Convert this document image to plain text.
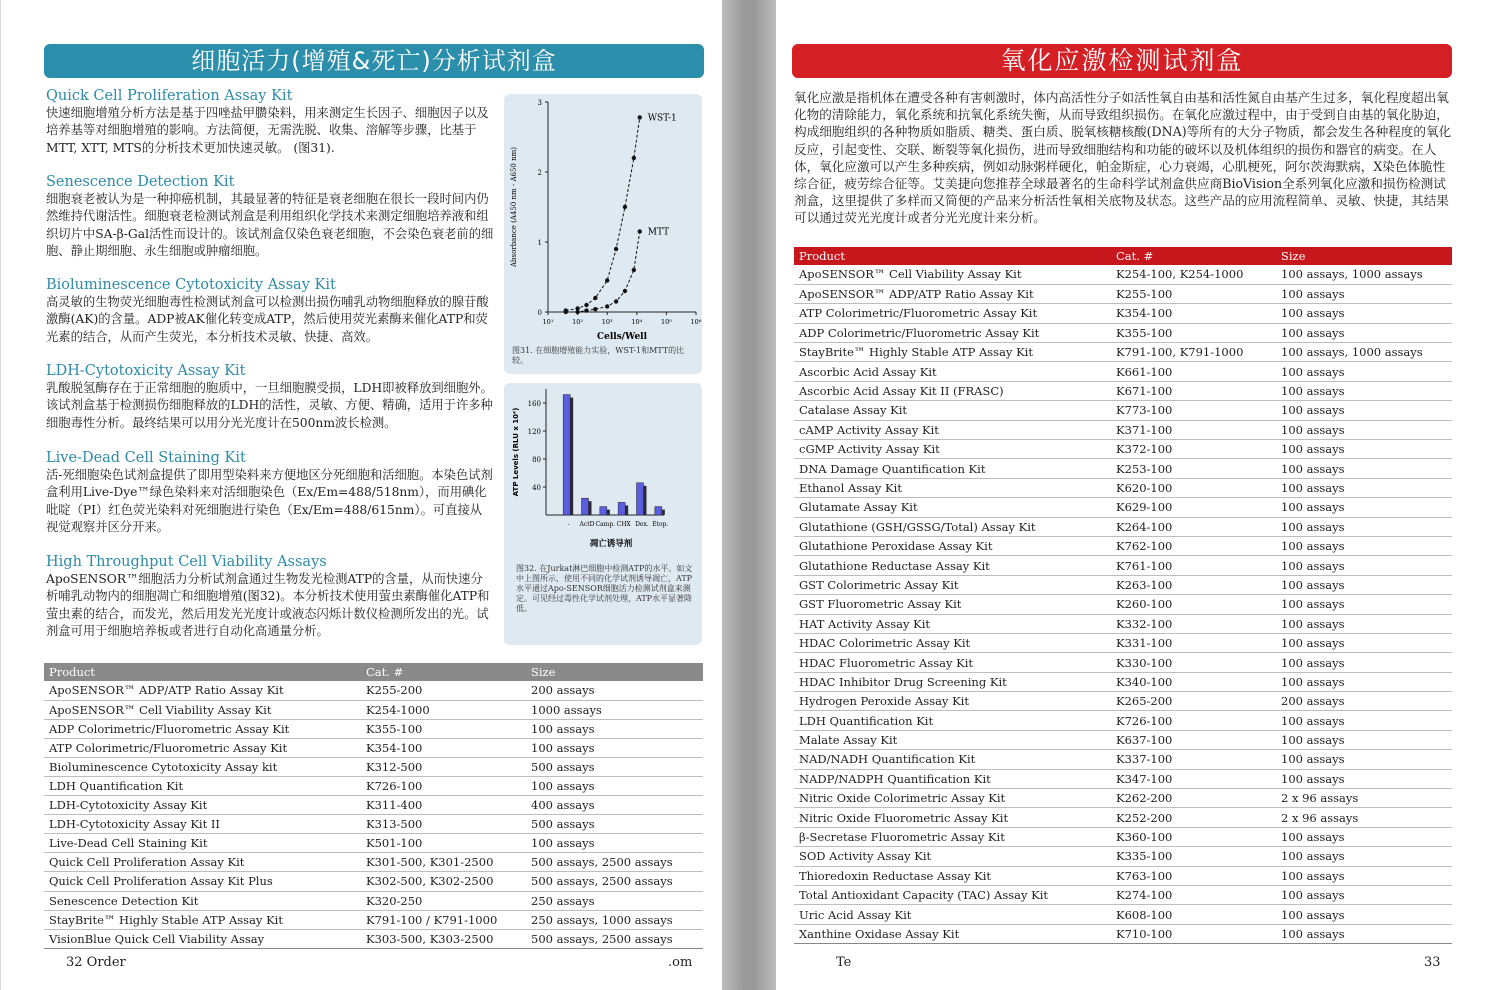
细胞活力(增殖&死亡)分析试剂盒
Quick Cell Proliferation Assay Kit
快速细胞增殖分析方法是基于四唑盐甲臜染料，用来测定生长因子、细胞因子以及培养基等对细胞增殖的影响。方法简便，无需洗脱、收集、溶解等步骤，比基于MTT, XTT, MTS的分析技术更加快速灵敏。 (图31).
Senescence Detection Kit
细胞衰老被认为是一种抑癌机制，其最显著的特征是衰老细胞在很长一段时间内仍然维持代谢活性。细胞衰老检测试剂盒是利用组织化学技术来测定细胞培养液和组织切片中SA-β-Gal活性而设计的。该试剂盒仅染色衰老细胞，不会染色衰老前的细胞、静止期细胞、永生细胞或肿瘤细胞。
Bioluminescence Cytotoxicity Assay Kit
高灵敏的生物荧光细胞毒性检测试剂盒可以检测出损伤哺乳动物细胞释放的腺苷酸激酶(AK)的含量。ADP被AK催化转变成ATP，然后使用荧光素酶来催化ATP和荧光素的结合，从而产生荧光，本分析技术灵敏、快捷、高效。
LDH-Cytotoxicity Assay Kit
乳酸脱氢酶存在于正常细胞的胞质中，一旦细胞膜受损，LDH即被释放到细胞外。该试剂盒基于检测损伤细胞释放的LDH的活性，灵敏、方便、精确，适用于许多种细胞毒性分析。最终结果可以用分光光度计在500nm波长检测。
Live-Dead Cell Staining Kit
活-死细胞染色试剂盒提供了即用型染料来方便地区分死细胞和活细胞。本染色试剂盒利用Live-Dye™绿色染料来对活细胞染色（Ex/Em=488/518nm），而用碘化吡啶（PI）红色荧光染料对死细胞进行染色（Ex/Em=488/615nm）。可直接从视觉观察并区分开来。
High Throughput Cell Viability Assays
ApoSENSOR™细胞活力分析试剂盒通过生物发光检测ATP的含量，从而快速分析哺乳动物内的细胞凋亡和细胞增殖(图32)。本分析技术使用萤虫素酶催化ATP和萤虫素的结合，而发光，然后用发光光度计或液态闪烁计数仪检测所发出的光。试剂盒可用于细胞培养板或者进行自动化高通量分析。
0
1
2
3
10¹	10²	10³	10⁴	10⁵	10⁶
Cells/Well
Absorbance (A450 nm - A650 nm)
WST-1
MTT
图31. 在细胞增殖能力实验，WST-1和MTT的比较。
40
80
120
160
- ActD Camp. CHX Dex. Etop.
凋亡诱导剂
ATP Levels (RLU x 10⁴)
图32. 在Jurkat淋巴细胞中检测ATP的水平。如文中上图所示，使用不同的化学试剂诱导凋亡，ATP水平通过Apo-SENSOR细胞活力检测试剂盒来测定。可见经过毒性化学试剂处理，ATP水平显著降低。
Product	Cat. #	Size
ApoSENSOR™ ADP/ATP Ratio Assay Kit	K255-200	200 assays
ApoSENSOR™ Cell Viability Assay Kit	K254-1000	1000 assays
ADP Colorimetric/Fluorometric Assay Kit	K355-100	100 assays
ATP Colorimetric/Fluorometric Assay Kit	K354-100	100 assays
Bioluminescence Cytotoxicity Assay kit	K312-500	500 assays
LDH Quantification Kit	K726-100	100 assays
LDH-Cytotoxicity Assay Kit	K311-400	400 assays
LDH-Cytotoxicity Assay Kit II	K313-500	500 assays
Live-Dead Cell Staining Kit	K501-100	100 assays
Quick Cell Proliferation Assay Kit	K301-500, K301-2500	500 assays, 2500 assays
Quick Cell Proliferation Assay Kit Plus	K302-500, K302-2500	500 assays, 2500 assays
Senescence Detection Kit	K320-250	250 assays
StayBrite™ Highly Stable ATP Assay Kit	K791-100 / K791-1000	250 assays, 1000 assays
VisionBlue Quick Cell Viability Assay	K303-500, K303-2500	500 assays, 2500 assays
32 Order	.om
氧化应激检测试剂盒
氧化应激是指机体在遭受各种有害刺激时，体内高活性分子如活性氧自由基和活性氮自由基产生过多，氧化程度超出氧化物的清除能力，氧化系统和抗氧化系统失衡，从而导致组织损伤。在氧化应激过程中，由于受到自由基的氧化胁迫，构成细胞组织的各种物质如脂质、糖类、蛋白质、脱氧核糖核酸(DNA)等所有的大分子物质，都会发生各种程度的氧化反应，引起变性、交联、断裂等氧化损伤，进而导致细胞结构和功能的破坏以及机体组织的损伤和器官的病变。在人体，氧化应激可以产生多种疾病，例如动脉粥样硬化，帕金斯症，心力衰竭，心肌梗死，阿尔茨海默病，X染色体脆性综合征，疲劳综合征等。艾美捷向您推荐全球最著名的生命科学试剂盒供应商BioVision全系列氧化应激和损伤检测试剂盒，这里提供了多样而又简便的产品来分析活性氧相关底物及状态。这些产品的应用流程简单、灵敏、快捷，其结果可以通过荧光光度计或者分光光度计来分析。
Product	Cat. #	Size
ApoSENSOR™ Cell Viability Assay Kit	K254-100, K254-1000	100 assays, 1000 assays
ApoSENSOR™ ADP/ATP Ratio Assay Kit	K255-100	100 assays
ATP Colorimetric/Fluorometric Assay Kit	K354-100	100 assays
ADP Colorimetric/Fluorometric Assay Kit	K355-100	100 assays
StayBrite™ Highly Stable ATP Assay Kit	K791-100, K791-1000	100 assays, 1000 assays
Ascorbic Acid Assay Kit	K661-100	100 assays
Ascorbic Acid Assay Kit II (FRASC)	K671-100	100 assays
Catalase Assay Kit	K773-100	100 assays
cAMP Activity Assay Kit	K371-100	100 assays
cGMP Activity Assay Kit	K372-100	100 assays
DNA Damage Quantification Kit	K253-100	100 assays
Ethanol Assay Kit	K620-100	100 assays
Glutamate Assay Kit	K629-100	100 assays
Glutathione (GSH/GSSG/Total) Assay Kit	K264-100	100 assays
Glutathione Peroxidase Assay Kit	K762-100	100 assays
Glutathione Reductase Assay Kit	K761-100	100 assays
GST Colorimetric Assay Kit	K263-100	100 assays
GST Fluorometric Assay Kit	K260-100	100 assays
HAT Activity Assay Kit	K332-100	100 assays
HDAC Colorimetric Assay Kit	K331-100	100 assays
HDAC Fluorometric Assay Kit	K330-100	100 assays
HDAC Inhibitor Drug Screening Kit	K340-100	100 assays
Hydrogen Peroxide Assay Kit	K265-200	200 assays
LDH Quantification Kit	K726-100	100 assays
Malate Assay Kit	K637-100	100 assays
NAD/NADH Quantification Kit	K337-100	100 assays
NADP/NADPH Quantification Kit	K347-100	100 assays
Nitric Oxide Colorimetric Assay Kit	K262-200	2 x 96 assays
Nitric Oxide Fluorometric Assay Kit	K252-200	2 x 96 assays
β-Secretase Fluorometric Assay Kit	K360-100	100 assays
SOD Activity Assay Kit	K335-100	100 assays
Thioredoxin Reductase Assay Kit	K763-100	100 assays
Total Antioxidant Capacity (TAC) Assay Kit	K274-100	100 assays
Uric Acid Assay Kit	K608-100	100 assays
Xanthine Oxidase Assay Kit	K710-100	100 assays
Te	33
